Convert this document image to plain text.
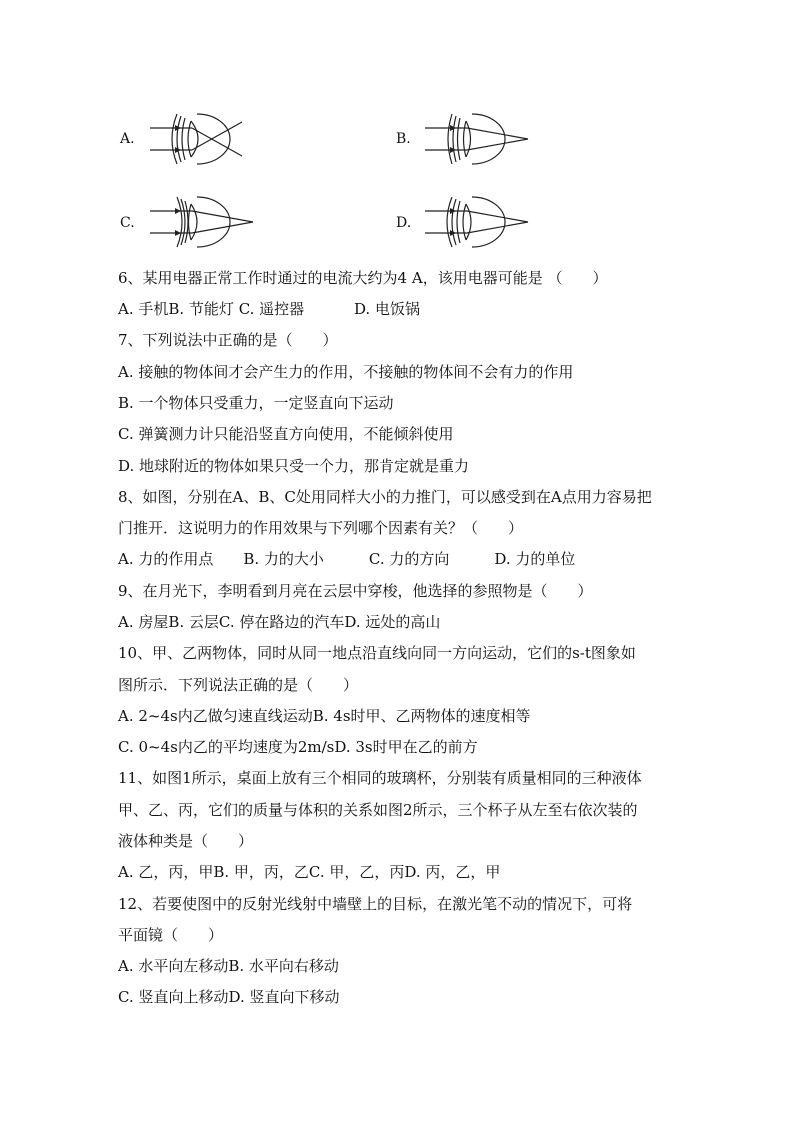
A.	B.
C.	D.
6、某用电器正常工作时通过的电流大约为4 A，该用电器可能是 （　　）
A. 手机B. 节能灯 C. 遥控器　　　 D. 电饭锅
7、下列说法中正确的是（　　）
A. 接触的物体间才会产生力的作用，不接触的物体间不会有力的作用
B. 一个物体只受重力，一定竖直向下运动
C. 弹簧测力计只能沿竖直方向使用，不能倾斜使用
D. 地球附近的物体如果只受一个力，那肯定就是重力
8、如图，分别在A、B、C处用同样大小的力推门，可以感受到在A点用力容易把
门推开．这说明力的作用效果与下列哪个因素有关？（　　）
A. 力的作用点　　B. 力的大小　　　C. 力的方向　　　D. 力的单位
9、在月光下，李明看到月亮在云层中穿梭，他选择的参照物是（　　）
A. 房屋B. 云层C. 停在路边的汽车D. 远处的高山
10、甲、乙两物体，同时从同一地点沿直线向同一方向运动，它们的s-t图象如
图所示．下列说法正确的是（　　）
A. 2~4s内乙做匀速直线运动B. 4s时甲、乙两物体的速度相等
C. 0~4s内乙的平均速度为2m/sD. 3s时甲在乙的前方
11、如图1所示，桌面上放有三个相同的玻璃杯，分别装有质量相同的三种液体
甲、乙、丙，它们的质量与体积的关系如图2所示，三个杯子从左至右依次装的
液体种类是（　　）
A. 乙，丙，甲B. 甲，丙，乙C. 甲，乙，丙D. 丙，乙，甲
12、若要使图中的反射光线射中墙壁上的目标，在激光笔不动的情况下，可将
平面镜（　　）
A. 水平向左移动B. 水平向右移动
C. 竖直向上移动D. 竖直向下移动
